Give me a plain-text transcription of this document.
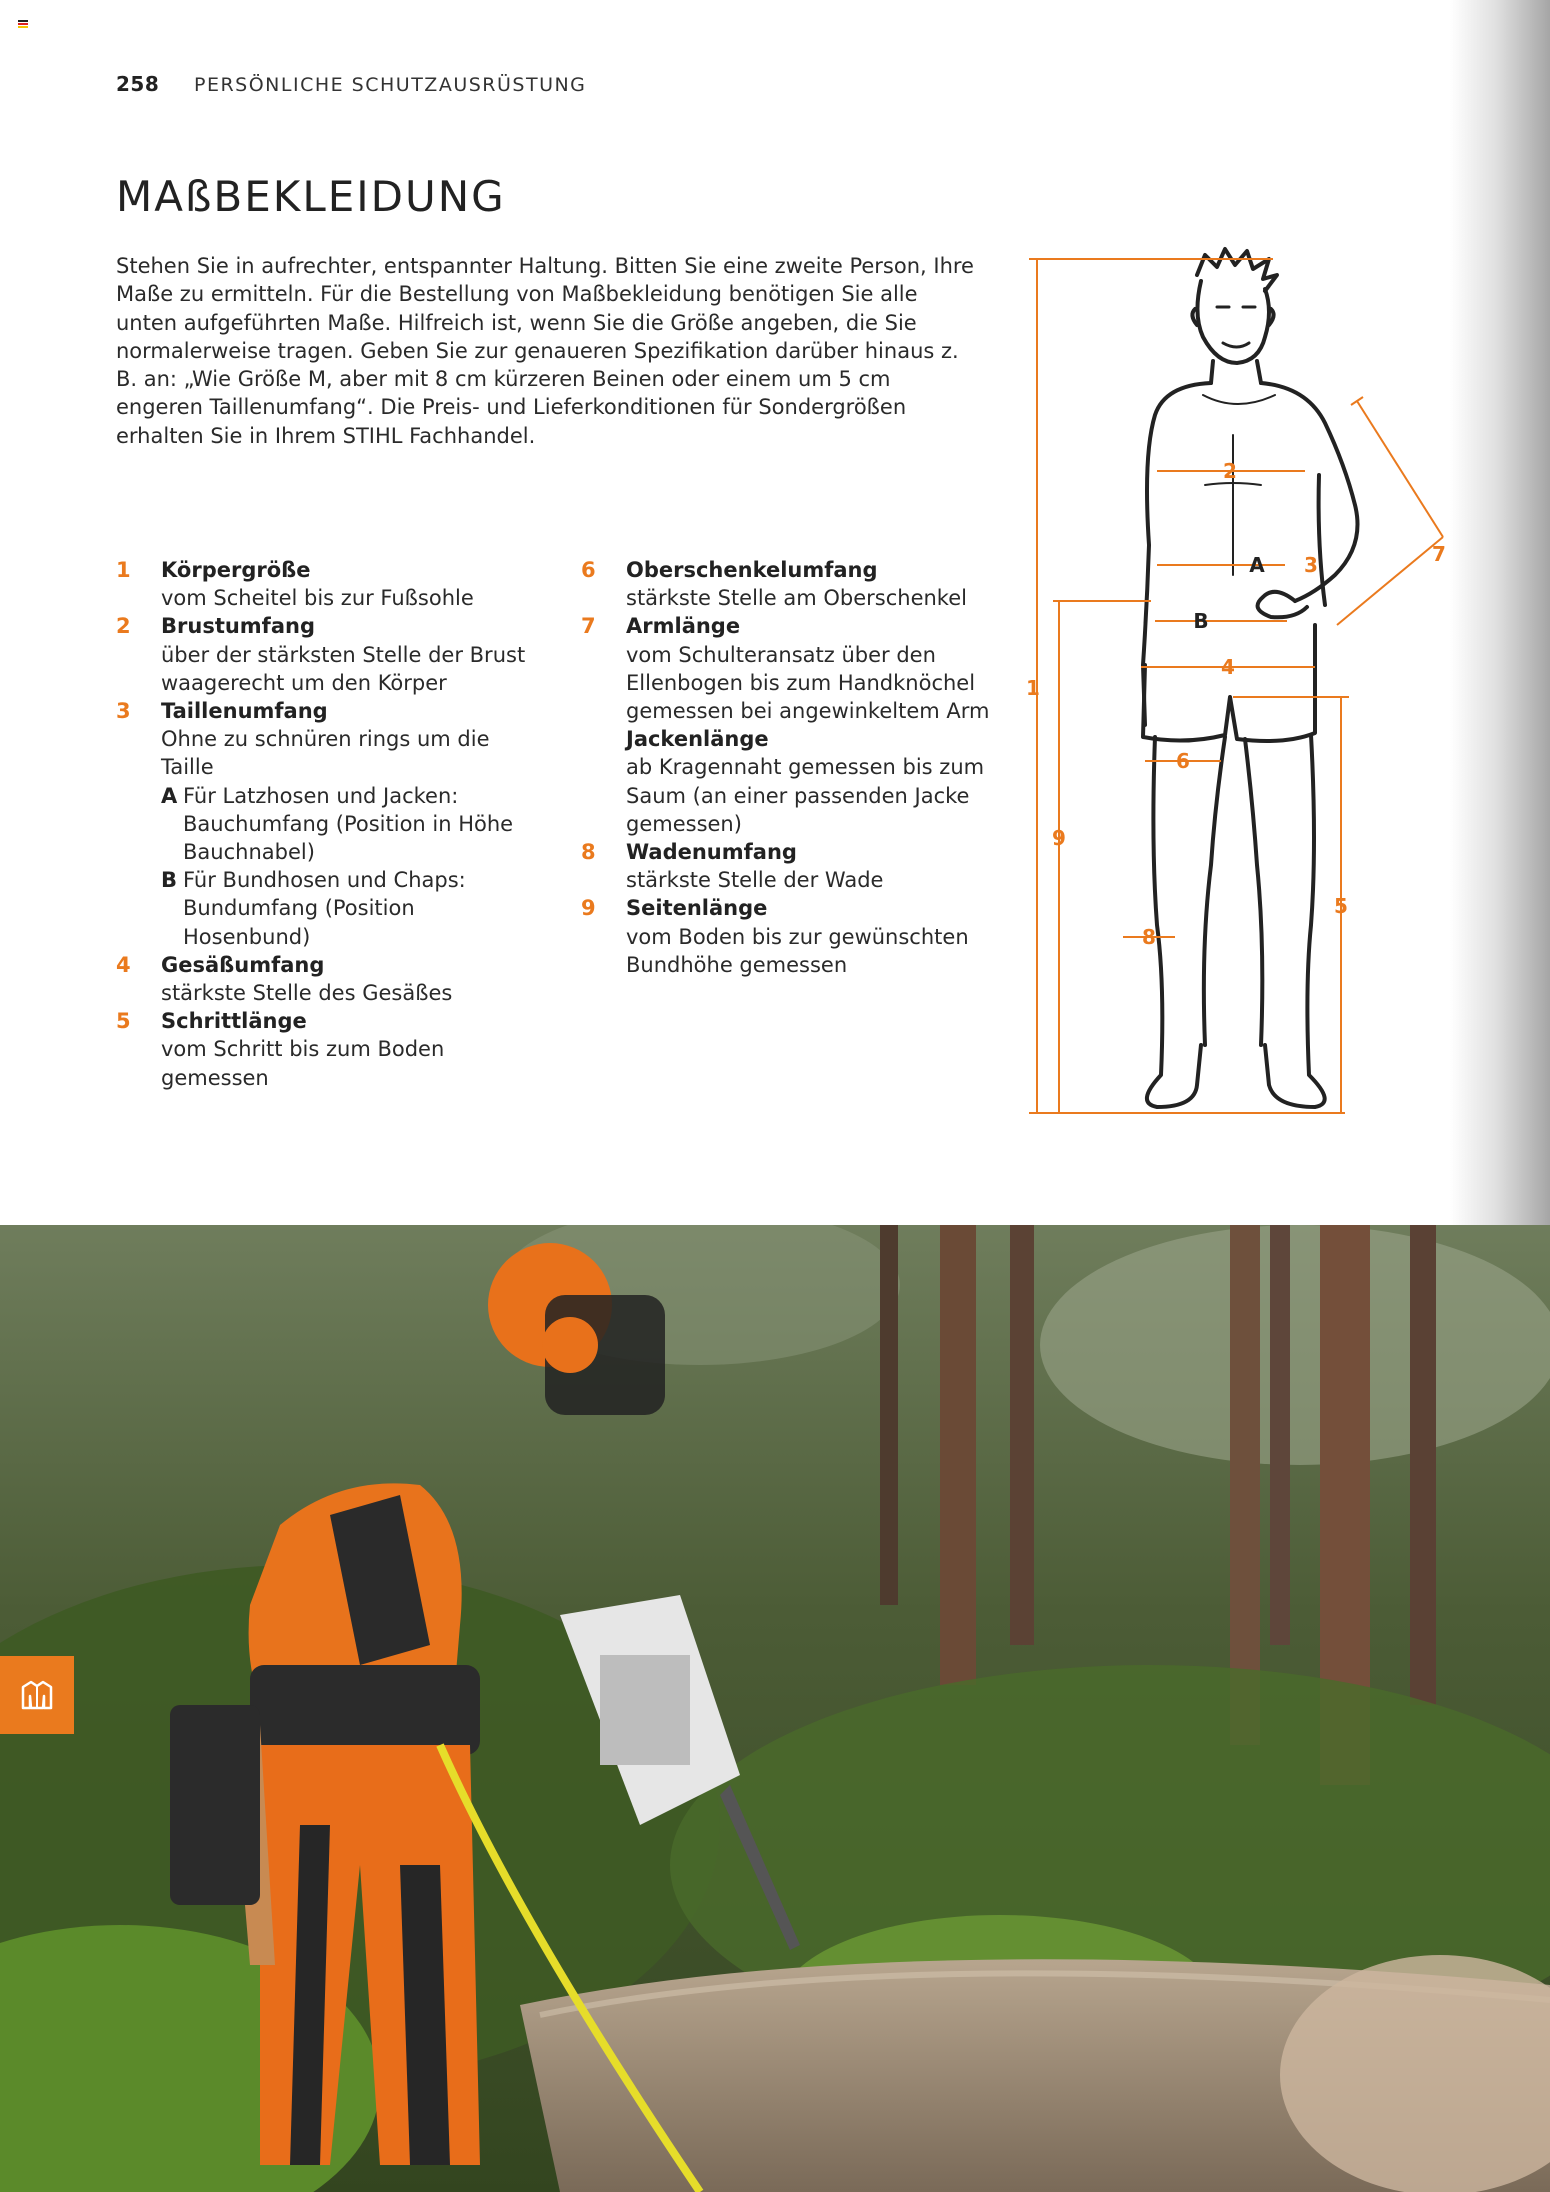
258	PERSÖNLICHE SCHUTZAUSRÜSTUNG
MAßBEKLEIDUNG

Stehen Sie in aufrechter, entspannter Haltung. Bitten Sie eine zweite Person, Ihre Maße zu ermitteln. Für die Bestellung von Maßbekleidung benötigen Sie alle unten aufgeführten Maße. Hilfreich ist, wenn Sie die Größe angeben, die Sie normalerweise tragen. Geben Sie zur genaueren Spezifikation darüber hinaus z. B. an: „Wie Größe M, aber mit 8 cm kürzeren Beinen oder einem um 5 cm engeren Taillenumfang“. Die Preis- und Lieferkonditionen für Sondergrößen erhalten Sie in Ihrem STIHL Fachhandel.

1	Körpergröße
vom Scheitel bis zur Fußsohle
2	Brustumfang
über der stärksten Stelle der Brust waagerecht um den Körper
3	Taillenumfang
Ohne zu schnüren rings um die Taille
A Für Latzhosen und Jacken: Bauchumfang (Position in Höhe Bauchnabel)
B Für Bundhosen und Chaps: Bundumfang (Position Hosenbund)
4	Gesäßumfang
stärkste Stelle des Gesäßes
5	Schrittlänge
vom Schritt bis zum Boden gemessen
6	Oberschenkelumfang
stärkste Stelle am Oberschenkel
7	Armlänge
vom Schulteransatz über den Ellenbogen bis zum Handknöchel gemessen bei angewinkeltem Arm
Jackenlänge
ab Kragennaht gemessen bis zum Saum (an einer passenden Jacke gemessen)
8	Wadenumfang
stärkste Stelle der Wade
9	Seitenlänge
vom Boden bis zur gewünschten Bundhöhe gemessen
1
2
3
4
5
6
7
8
9
A
B
